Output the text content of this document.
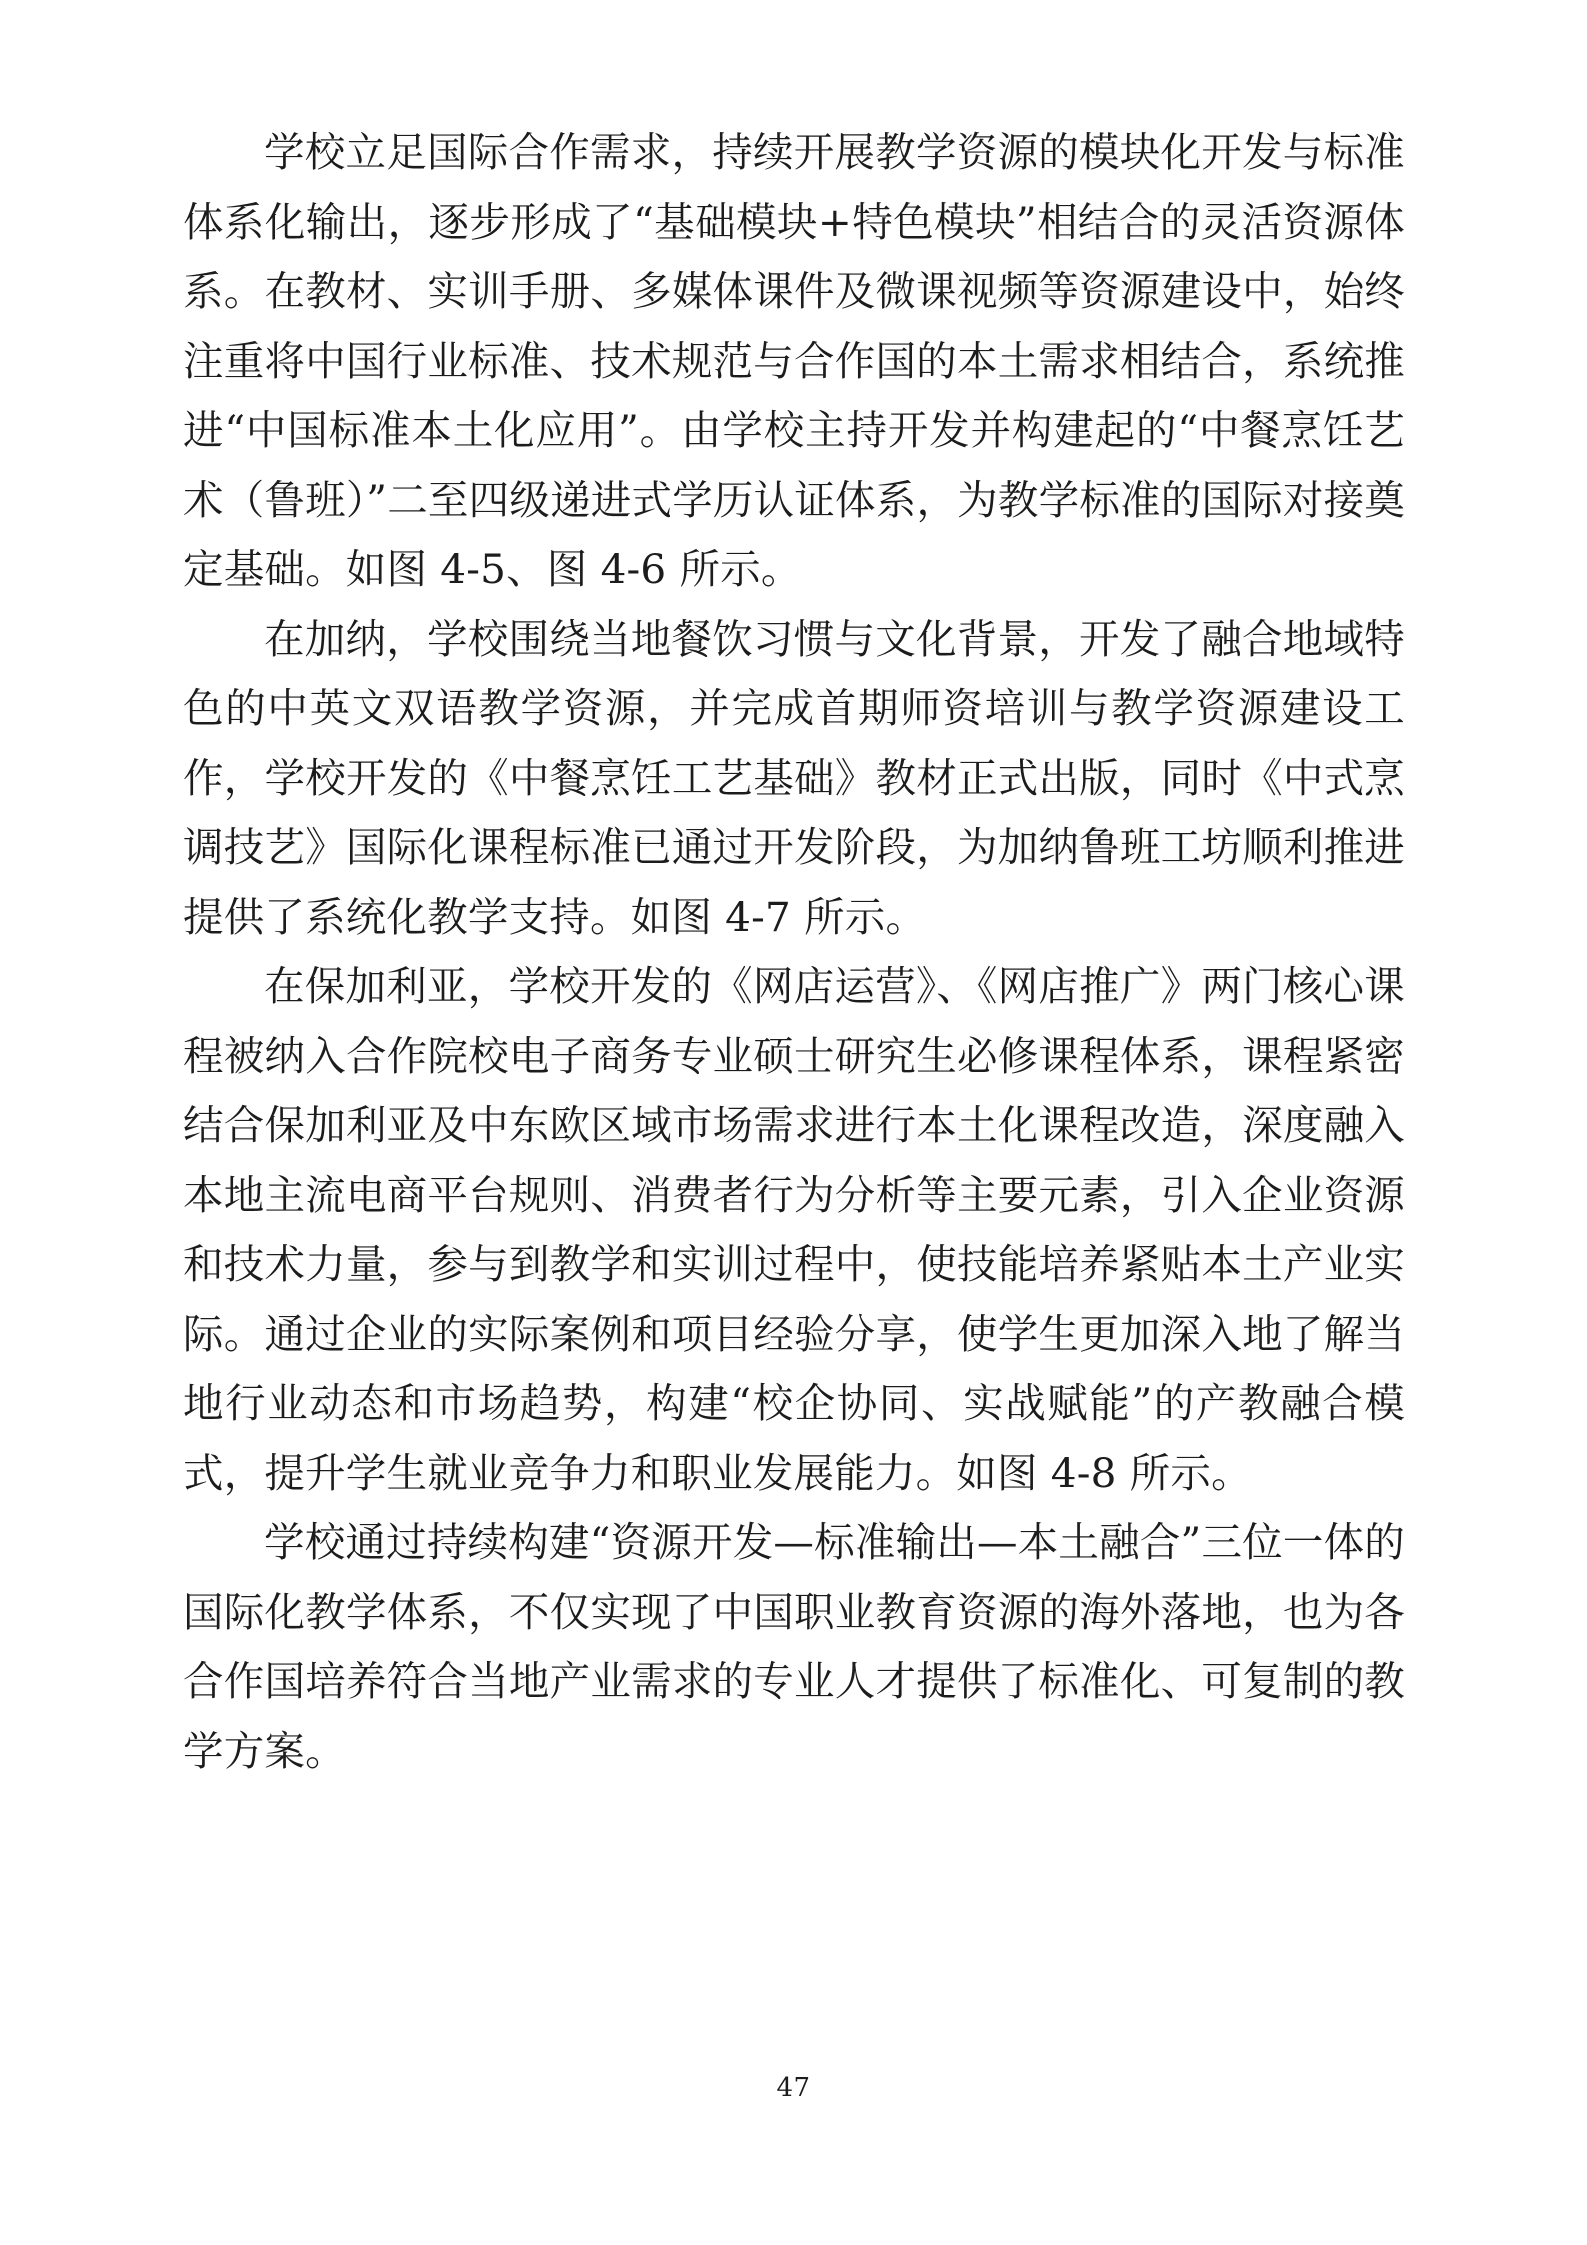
学校立足国际合作需求，持续开展教学资源的模块化开发与标准体系化输出，逐步形成了“基础模块+特色模块”相结合的灵活资源体系。在教材、实训手册、多媒体课件及微课视频等资源建设中，始终注重将中国行业标准、技术规范与合作国的本土需求相结合，系统推进“中国标准本土化应用”。由学校主持开发并构建起的“中餐烹饪艺术（鲁班）”二至四级递进式学历认证体系，为教学标准的国际对接奠定基础。如图 4-5、图 4-6 所示。

在加纳，学校围绕当地餐饮习惯与文化背景，开发了融合地域特色的中英文双语教学资源，并完成首期师资培训与教学资源建设工作，学校开发的《中餐烹饪工艺基础》教材正式出版，同时《中式烹调技艺》国际化课程标准已通过开发阶段，为加纳鲁班工坊顺利推进提供了系统化教学支持。如图 4-7 所示。

在保加利亚，学校开发的《网店运营》、《网店推广》两门核心课程被纳入合作院校电子商务专业硕士研究生必修课程体系，课程紧密结合保加利亚及中东欧区域市场需求进行本土化课程改造，深度融入本地主流电商平台规则、消费者行为分析等主要元素，引入企业资源和技术力量，参与到教学和实训过程中，使技能培养紧贴本土产业实际。通过企业的实际案例和项目经验分享，使学生更加深入地了解当地行业动态和市场趋势，构建“校企协同、实战赋能”的产教融合模式，提升学生就业竞争力和职业发展能力。如图 4-8 所示。

学校通过持续构建“资源开发—标准输出—本土融合”三位一体的国际化教学体系，不仅实现了中国职业教育资源的海外落地，也为各合作国培养符合当地产业需求的专业人才提供了标准化、可复制的教学方案。

47
